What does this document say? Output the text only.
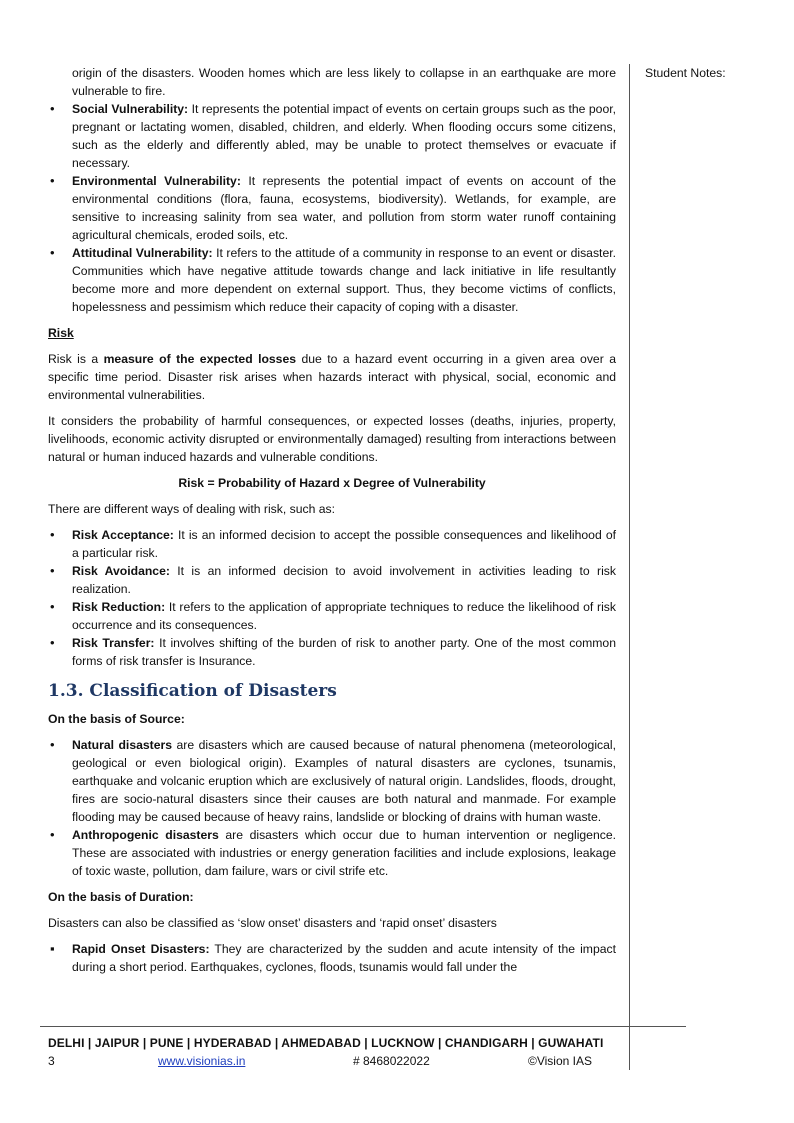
origin of the disasters. Wooden homes which are less likely to collapse in an earthquake are more vulnerable to fire.
• Social Vulnerability: It represents the potential impact of events on certain groups such as the poor, pregnant or lactating women, disabled, children, and elderly. When flooding occurs some citizens, such as the elderly and differently abled, may be unable to protect themselves or evacuate if necessary.
• Environmental Vulnerability: It represents the potential impact of events on account of the environmental conditions (flora, fauna, ecosystems, biodiversity). Wetlands, for example, are sensitive to increasing salinity from sea water, and pollution from storm water runoff containing agricultural chemicals, eroded soils, etc.
• Attitudinal Vulnerability: It refers to the attitude of a community in response to an event or disaster. Communities which have negative attitude towards change and lack initiative in life resultantly become more and more dependent on external support. Thus, they become victims of conflicts, hopelessness and pessimism which reduce their capacity of coping with a disaster.
Risk

Risk is a measure of the expected losses due to a hazard event occurring in a given area over a specific time period. Disaster risk arises when hazards interact with physical, social, economic and environmental vulnerabilities.

It considers the probability of harmful consequences, or expected losses (deaths, injuries, property, livelihoods, economic activity disrupted or environmentally damaged) resulting from interactions between natural or human induced hazards and vulnerable conditions.

Risk = Probability of Hazard x Degree of Vulnerability

There are different ways of dealing with risk, such as:

• Risk Acceptance: It is an informed decision to accept the possible consequences and likelihood of a particular risk.
• Risk Avoidance: It is an informed decision to avoid involvement in activities leading to risk realization.
• Risk Reduction: It refers to the application of appropriate techniques to reduce the likelihood of risk occurrence and its consequences.
• Risk Transfer: It involves shifting of the burden of risk to another party. One of the most common forms of risk transfer is Insurance.
1.3. Classification of Disasters
On the basis of Source:
• Natural disasters are disasters which are caused because of natural phenomena (meteorological, geological or even biological origin). Examples of natural disasters are cyclones, tsunamis, earthquake and volcanic eruption which are exclusively of natural origin. Landslides, floods, drought, fires are socio-natural disasters since their causes are both natural and manmade. For example flooding may be caused because of heavy rains, landslide or blocking of drains with human waste.
• Anthropogenic disasters are disasters which occur due to human intervention or negligence. These are associated with industries or energy generation facilities and include explosions, leakage of toxic waste, pollution, dam failure, wars or civil strife etc.
On the basis of Duration:

Disasters can also be classified as ‘slow onset’ disasters and ‘rapid onset’ disasters

▪ Rapid Onset Disasters: They are characterized by the sudden and acute intensity of the impact during a short period. Earthquakes, cyclones, floods, tsunamis would fall under the
Student Notes:
DELHI | JAIPUR | PUNE | HYDERABAD | AHMEDABAD | LUCKNOW | CHANDIGARH | GUWAHATI
3	www.visionias.in	# 8468022022	©Vision IAS
